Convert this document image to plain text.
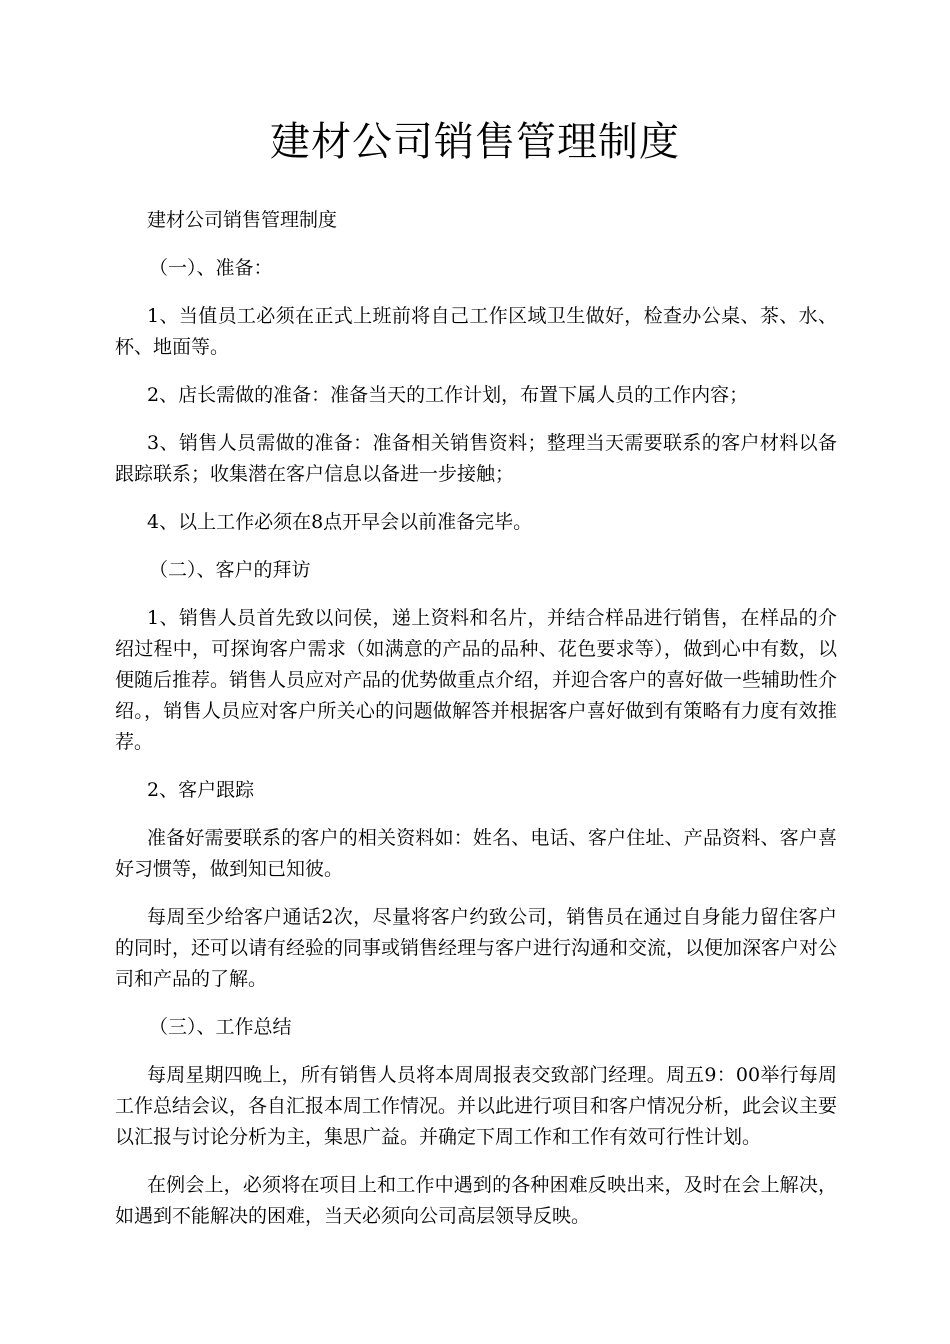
建材公司销售管理制度

建材公司销售管理制度

（一）、准备：

1、当值员工必须在正式上班前将自己工作区域卫生做好，检查办公桌、茶、水、杯、地面等。

2、店长需做的准备：准备当天的工作计划，布置下属人员的工作内容；

3、销售人员需做的准备：准备相关销售资料；整理当天需要联系的客户材料以备跟踪联系；收集潜在客户信息以备进一步接触；

4、以上工作必须在8点开早会以前准备完毕。

（二）、客户的拜访

1、销售人员首先致以问侯，递上资料和名片，并结合样品进行销售，在样品的介绍过程中，可探询客户需求（如满意的产品的品种、花色要求等），做到心中有数，以便随后推荐。销售人员应对产品的优势做重点介绍，并迎合客户的喜好做一些辅助性介绍。，销售人员应对客户所关心的问题做解答并根据客户喜好做到有策略有力度有效推荐。

2、客户跟踪

准备好需要联系的客户的相关资料如：姓名、电话、客户住址、产品资料、客户喜好习惯等，做到知已知彼。

每周至少给客户通话2次，尽量将客户约致公司，销售员在通过自身能力留住客户的同时，还可以请有经验的同事或销售经理与客户进行沟通和交流，以便加深客户对公司和产品的了解。

（三）、工作总结

每周星期四晚上，所有销售人员将本周周报表交致部门经理。周五9：00举行每周工作总结会议，各自汇报本周工作情况。并以此进行项目和客户情况分析，此会议主要以汇报与讨论分析为主，集思广益。并确定下周工作和工作有效可行性计划。

在例会上，必须将在项目上和工作中遇到的各种困难反映出来，及时在会上解决，如遇到不能解决的困难，当天必须向公司高层领导反映。
